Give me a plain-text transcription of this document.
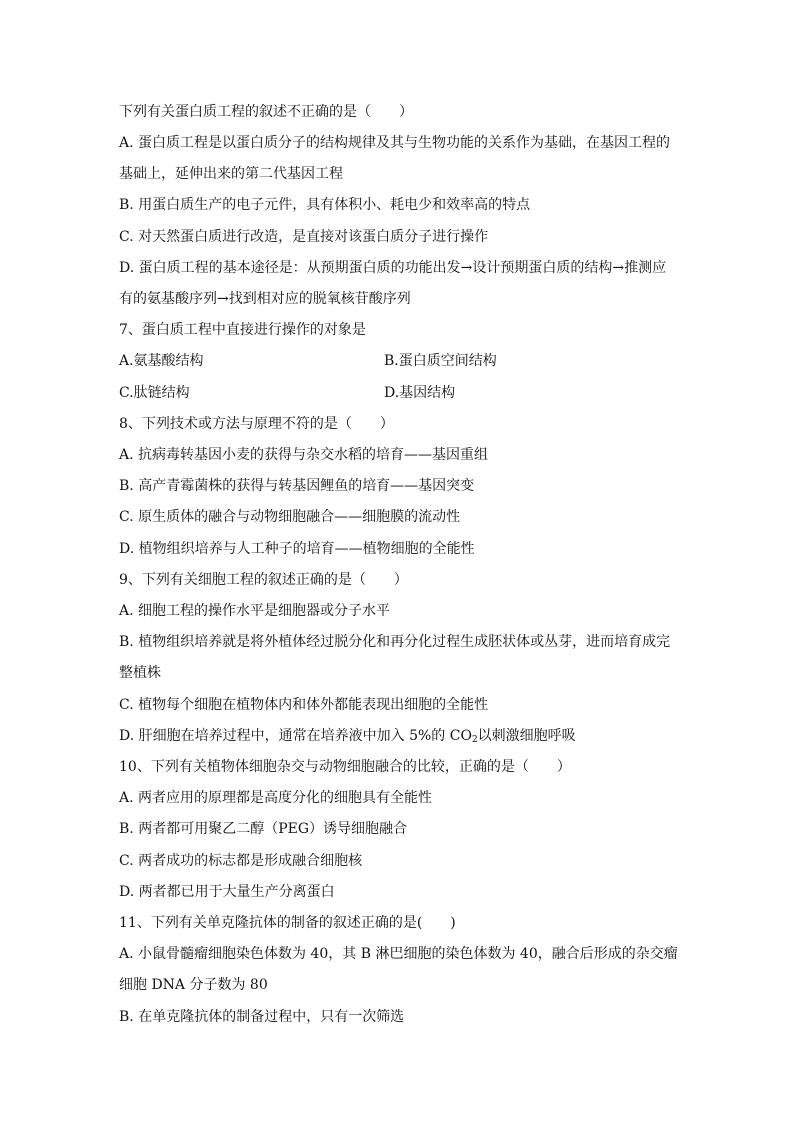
下列有关蛋白质工程的叙述不正确的是（　　）
A. 蛋白质工程是以蛋白质分子的结构规律及其与生物功能的关系作为基础，在基因工程的
基础上，延伸出来的第二代基因工程
B. 用蛋白质生产的电子元件，具有体积小、耗电少和效率高的特点
C. 对天然蛋白质进行改造，是直接对该蛋白质分子进行操作
D. 蛋白质工程的基本途径是：从预期蛋白质的功能出发→设计预期蛋白质的结构→推测应
有的氨基酸序列→找到相对应的脱氧核苷酸序列
7、蛋白质工程中直接进行操作的对象是
A.氨基酸结构	B.蛋白质空间结构
C.肽链结构	D.基因结构
8、下列技术或方法与原理不符的是（　　）
A. 抗病毒转基因小麦的获得与杂交水稻的培育——基因重组
B. 高产青霉菌株的获得与转基因鲤鱼的培育——基因突变
C. 原生质体的融合与动物细胞融合——细胞膜的流动性
D. 植物组织培养与人工种子的培育——植物细胞的全能性
9、下列有关细胞工程的叙述正确的是（　　）
A. 细胞工程的操作水平是细胞器或分子水平
B. 植物组织培养就是将外植体经过脱分化和再分化过程生成胚状体或丛芽，进而培育成完
整植株
C. 植物每个细胞在植物体内和体外都能表现出细胞的全能性
D. 肝细胞在培养过程中，通常在培养液中加入 5%的 $CO_2$以刺激细胞呼吸
10、下列有关植物体细胞杂交与动物细胞融合的比较，正确的是（　　）
A. 两者应用的原理都是高度分化的细胞具有全能性
B. 两者都可用聚乙二醇（PEG）诱导细胞融合
C. 两者成功的标志都是形成融合细胞核
D. 两者都已用于大量生产分离蛋白
11、下列有关单克隆抗体的制备的叙述正确的是(　　)
A. 小鼠骨髓瘤细胞染色体数为 40，其 B 淋巴细胞的染色体数为 40，融合后形成的杂交瘤
细胞 DNA 分子数为 80
B. 在单克隆抗体的制备过程中，只有一次筛选
